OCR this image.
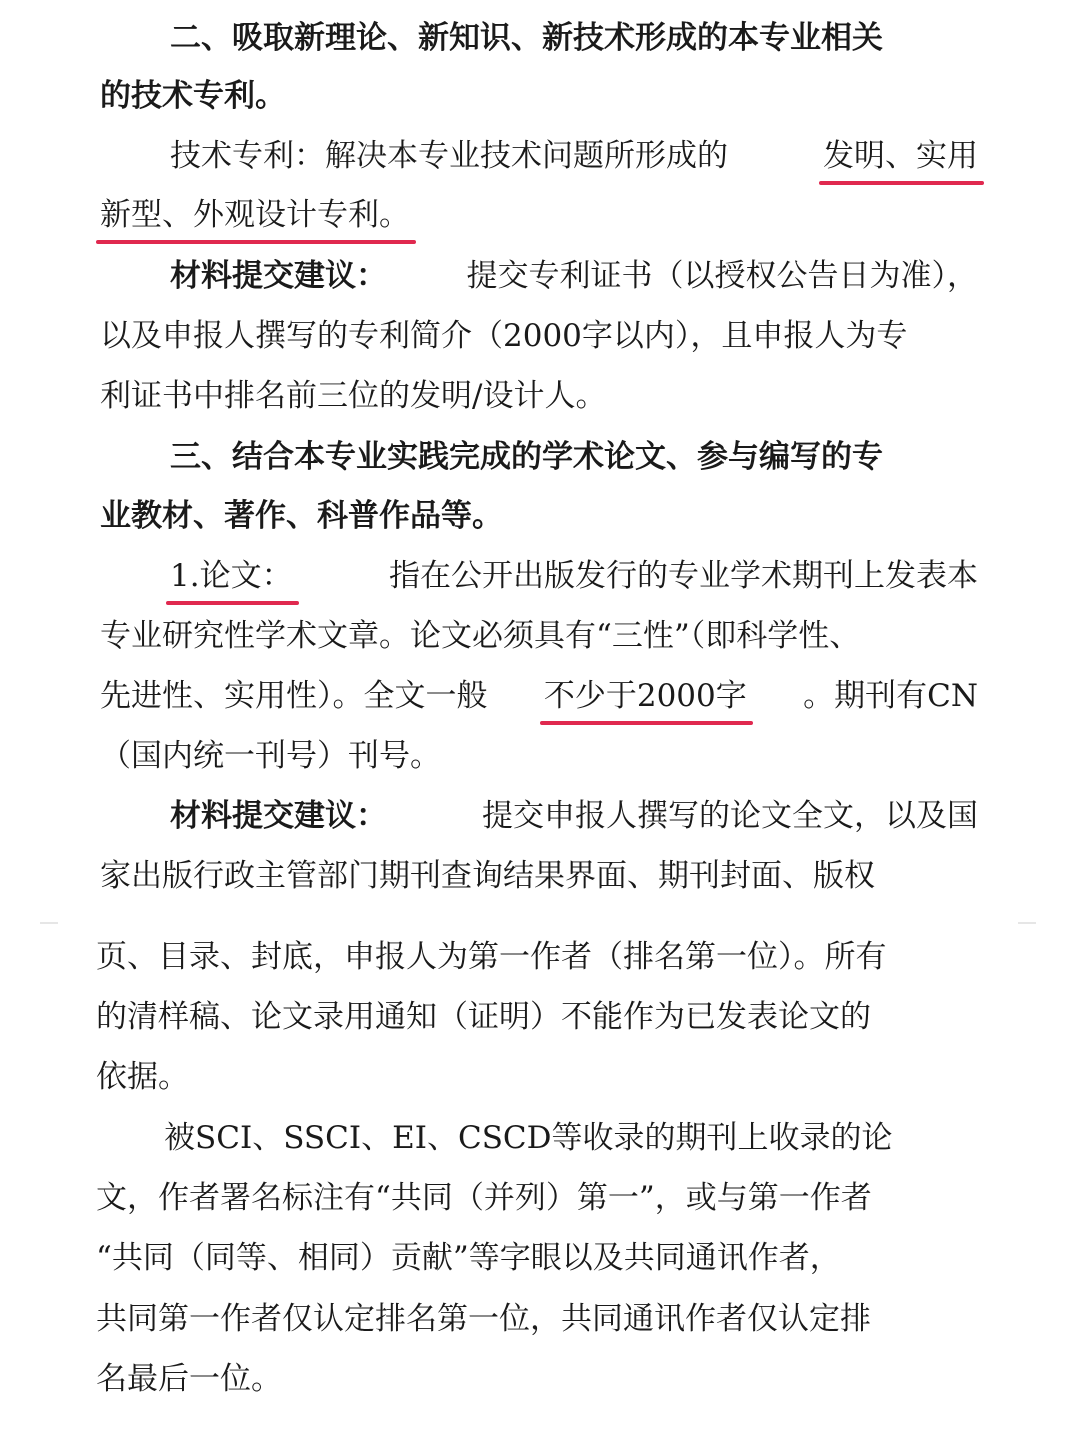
二、吸取新理论、新知识、新技术形成的本专业相关
的技术专利。
技术专利：解决本专业技术问题所形成的	发明、实用
新型、外观设计专利。
材料提交建议：	提交专利证书（以授权公告日为准），
以及申报人撰写的专利简介（2000字以内），且申报人为专
利证书中排名前三位的发明/设计人。
三、结合本专业实践完成的学术论文、参与编写的专
业教材、著作、科普作品等。
1.论文：	指在公开出版发行的专业学术期刊上发表本
专业研究性学术文章。论文必须具有“三性”（即科学性、
先进性、实用性）。全文一般 不少于2000字 。期刊有CN
（国内统一刊号）刊号。
材料提交建议：	提交申报人撰写的论文全文，以及国
家出版行政主管部门期刊查询结果界面、期刊封面、版权
页、目录、封底，申报人为第一作者（排名第一位）。所有
的清样稿、论文录用通知（证明）不能作为已发表论文的
依据。
被SCI、SSCI、EI、CSCD等收录的期刊上收录的论
文，作者署名标注有“共同（并列）第一”，或与第一作者
“共同（同等、相同）贡献”等字眼以及共同通讯作者，
共同第一作者仅认定排名第一位，共同通讯作者仅认定排
名最后一位。
